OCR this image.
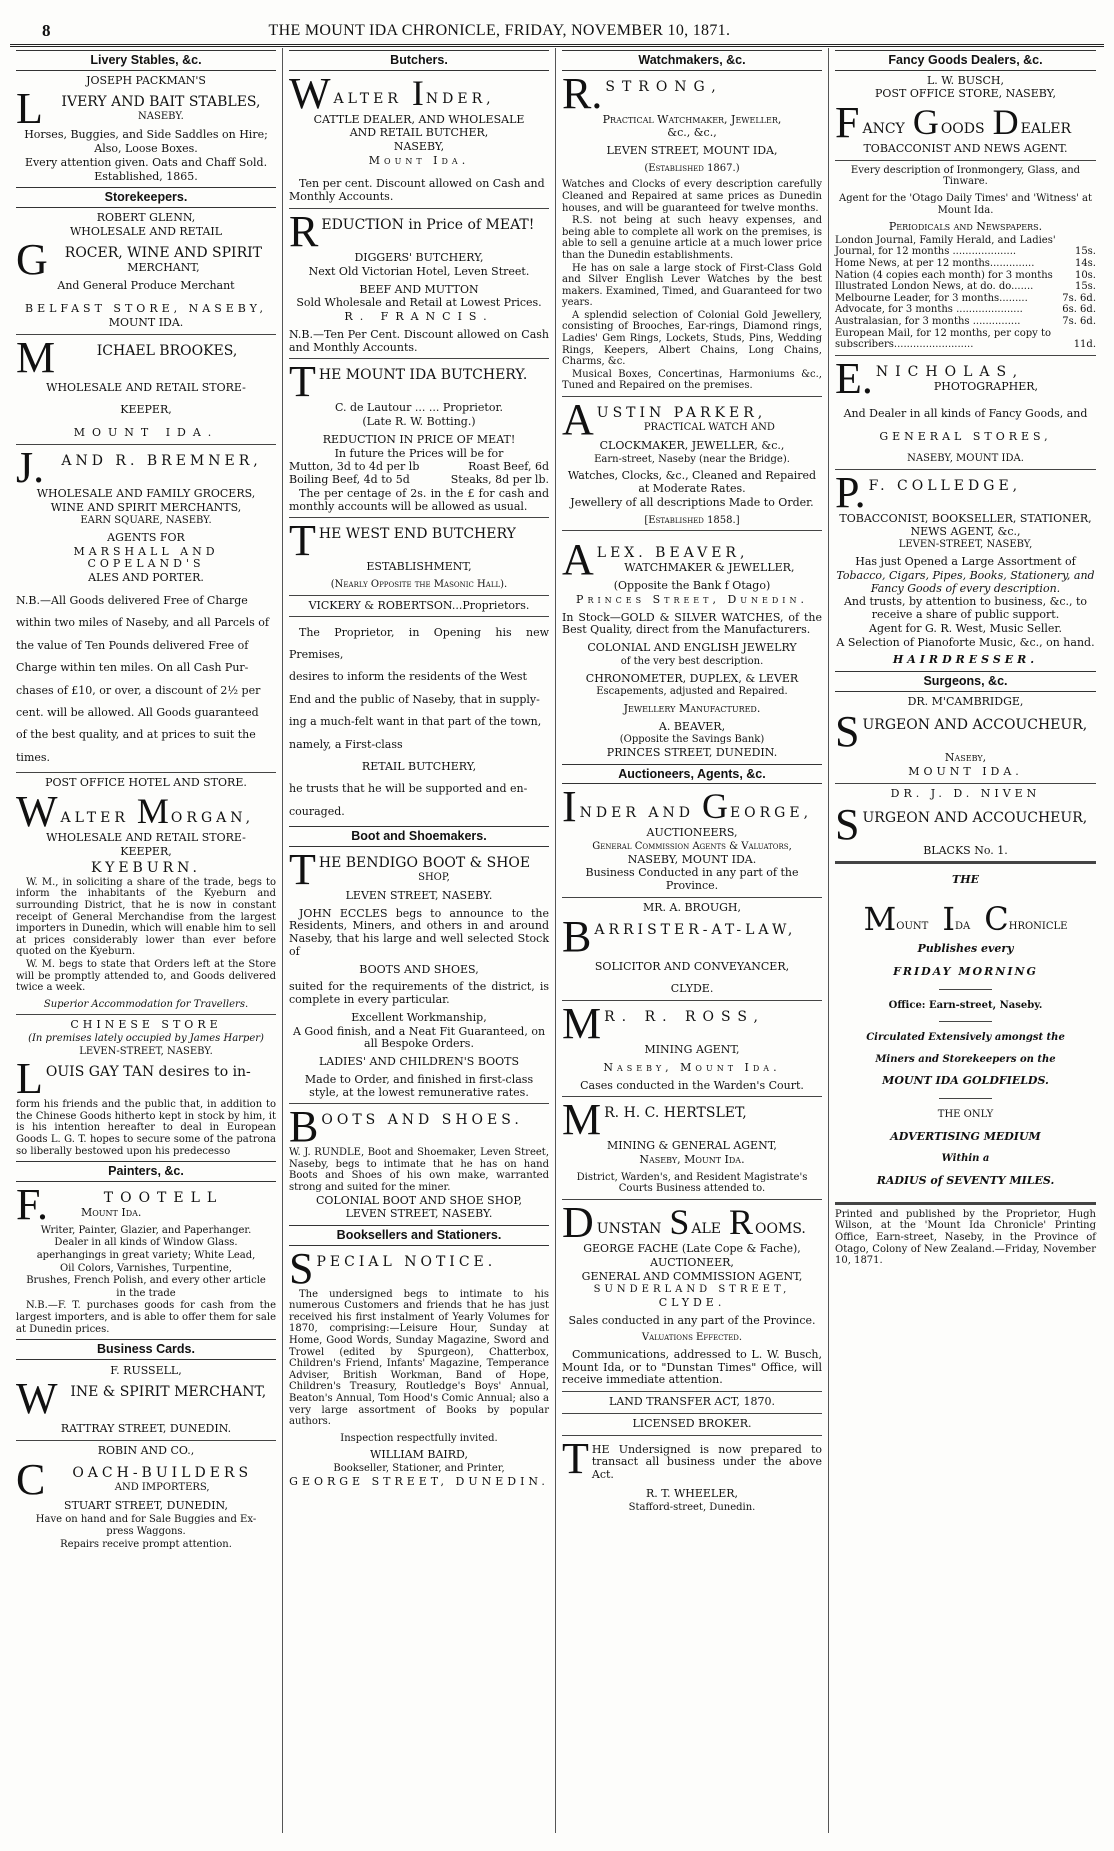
8	THE MOUNT IDA CHRONICLE, FRIDAY, NOVEMBER 10, 1871.
Livery Stables, &c.

JOSEPH PACKMAN'S

L	IVERY AND BAIT STABLES,

NASEBY.

Horses, Buggies, and Side Saddles on Hire;

Also, Loose Boxes.

Every attention given. Oats and Chaff Sold.

Established, 1865.

Storekeepers.

ROBERT GLENN,

WHOLESALE AND RETAIL

G	ROCER, WINE AND SPIRIT

MERCHANT,

And General Produce Merchant

BELFAST STORE, NASEBY,

MOUNT IDA.

M	ICHAEL BROOKES,

WHOLESALE AND RETAIL STORE-

KEEPER,

MOUNT IDA.

J.	AND R. BREMNER,

WHOLESALE AND FAMILY GROCERS,

WINE AND SPIRIT MERCHANTS,

EARN SQUARE, NASEBY.

AGENTS FOR

MARSHALL AND COPELAND'S

ALES AND PORTER.

N.B.—All Goods delivered Free of Charge

within two miles of Naseby, and all Parcels of

the value of Ten Pounds delivered Free of

Charge within ten miles. On all Cash Pur-

chases of £10, or over, a discount of 2½ per

cent. will be allowed. All Goods guaranteed

of the best quality, and at prices to suit the

times.

POST OFFICE HOTEL AND STORE.

W ALTER M ORGAN,

WHOLESALE AND RETAIL STORE-

KEEPER,

KYEBURN.

W. M., in soliciting a share of the trade, begs to inform the inhabitants of the Kyeburn and surrounding District, that he is now in constant receipt of General Merchandise from the largest importers in Dunedin, which will enable him to sell at prices considerably lower than ever before quoted on the Kyeburn.

W. M. begs to state that Orders left at the Store will be promptly attended to, and Goods delivered twice a week.

Superior Accommodation for Travellers.

CHINESE STORE

(In premises lately occupied by James Harper)

LEVEN-STREET, NASEBY.

L OUIS GAY TAN desires to in-

form his friends and the public that, in addition to the Chinese Goods hitherto kept in stock by him, it is his intention hereafter to deal in European Goods L. G. T. hopes to secure some of the patrona so liberally bestowed upon his predecesso

Painters, &c.
F.	TOOTELL

Mount Ida.

Writer, Painter, Glazier, and Paperhanger.

Dealer in all kinds of Window Glass.

aperhangings in great variety; White Lead,

Oil Colors, Varnishes, Turpentine,

Brushes, French Polish, and every other article

in the trade

N.B.—F. T. purchases goods for cash from the largest importers, and is able to offer them for sale at Dunedin prices.

Business Cards.

F. RUSSELL,

W INE & SPIRIT MERCHANT,

RATTRAY STREET, DUNEDIN.

ROBIN AND CO.,

C	OACH-BUILDERS

AND IMPORTERS,

STUART STREET, DUNEDIN,

Have on hand and for Sale Buggies and Ex-

press Waggons.

Repairs receive prompt attention.

Butchers.
W ALTER I NDER,

CATTLE DEALER, AND WHOLESALE

AND RETAIL BUTCHER,

NASEBY,

Mount Ida.

Ten per cent. Discount allowed on Cash and

Monthly Accounts.

R EDUCTION in Price of MEAT!

DIGGERS' BUTCHERY,

Next Old Victorian Hotel, Leven Street.

BEEF AND MUTTON

Sold Wholesale and Retail at Lowest Prices.

R. FRANCIS.

N.B.—Ten Per Cent. Discount allowed on Cash and Monthly Accounts.

T HE MOUNT IDA BUTCHERY.

C. de Lautour ... ... Proprietor.

(Late R. W. Botting.)

REDUCTION IN PRICE OF MEAT!

In future the Prices will be for

Mutton, 3d to 4d per lb	Roast Beef, 6d
Boiling Beef, 4d to 5d	Steaks, 8d per lb.

The per centage of 2s. in the £ for cash and monthly accounts will be allowed as usual.

T HE WEST END BUTCHERY

ESTABLISHMENT,

(Nearly Opposite the Masonic Hall).

VICKERY & ROBERTSON...Proprietors.

The Proprietor, in Opening his new Premises,

desires to inform the residents of the West

End and the public of Naseby, that in supply-

ing a much-felt want in that part of the town,

namely, a First-class

RETAIL BUTCHERY,

he trusts that he will be supported and en-

couraged.

Boot and Shoemakers.
T HE BENDIGO BOOT & SHOE

SHOP,

LEVEN STREET, NASEBY.

JOHN ECCLES begs to announce to the Residents, Miners, and others in and around Naseby, that his large and well selected Stock of

BOOTS AND SHOES,

suited for the requirements of the district, is complete in every particular.

Excellent Workmanship,

A Good finish, and a Neat Fit Guaranteed, on all Bespoke Orders.

LADIES' AND CHILDREN'S BOOTS

Made to Order, and finished in first-class style, at the lowest remunerative rates.

B OOTS AND SHOES.

W. J. RUNDLE, Boot and Shoemaker, Leven Street, Naseby, begs to intimate that he has on hand Boots and Shoes of his own make, warranted strong and suited for the miner.

COLONIAL BOOT AND SHOE SHOP,

LEVEN STREET, NASEBY.

Booksellers and Stationers.
S PECIAL NOTICE.

The undersigned begs to intimate to his numerous Customers and friends that he has just received his first instalment of Yearly Volumes for 1870, comprising:—Leisure Hour, Sunday at Home, Good Words, Sunday Magazine, Sword and Trowel (edited by Spurgeon), Chatterbox, Children's Friend, Infants' Magazine, Temperance Adviser, British Workman, Band of Hope, Children's Treasury, Routledge's Boys' Annual, Beaton's Annual, Tom Hood's Comic Annual; also a very large assortment of Books by popular authors.

Inspection respectfully invited.

WILLIAM BAIRD,

Bookseller, Stationer, and Printer,

GEORGE STREET, DUNEDIN.

Watchmakers, &c.
R. STRONG,

Practical Watchmaker, Jeweller,

&c., &c.,

LEVEN STREET, MOUNT IDA,

(Established 1867.)

Watches and Clocks of every description carefully Cleaned and Repaired at same prices as Dunedin houses, and will be guaranteed for twelve months.

R.S. not being at such heavy expenses, and being able to complete all work on the premises, is able to sell a genuine article at a much lower price than the Dunedin establishments.

He has on sale a large stock of First-Class Gold and Silver English Lever Watches by the best makers. Examined, Timed, and Guaranteed for two years.

A splendid selection of Colonial Gold Jewellery, consisting of Brooches, Ear-rings, Diamond rings, Ladies' Gem Rings, Lockets, Studs, Pins, Wedding Rings, Keepers, Albert Chains, Long Chains, Charms, &c.

Musical Boxes, Concertinas, Harmoniums &c., Tuned and Repaired on the premises.

A USTIN PARKER,

PRACTICAL WATCH AND

CLOCKMAKER, JEWELLER, &c.,

Earn-street, Naseby (near the Bridge).

Watches, Clocks, &c., Cleaned and Repaired at Moderate Rates.

Jewellery of all descriptions Made to Order.

[Established 1858.]

A LEX. BEAVER,

WATCHMAKER & JEWELLER,

(Opposite the Bank f Otago)

Princes Street, Dunedin.

In Stock—GOLD & SILVER WATCHES, of the Best Quality, direct from the Manufacturers.

COLONIAL AND ENGLISH JEWELRY

of the very best description.

CHRONOMETER, DUPLEX, & LEVER

Escapements, adjusted and Repaired.

Jewellery Manufactured.

A. BEAVER,

(Opposite the Savings Bank)

PRINCES STREET, DUNEDIN.

Auctioneers, Agents, &c.
I NDER AND G EORGE,

AUCTIONEERS,

General Commission Agents & Valuators,

NASEBY, MOUNT IDA.

Business Conducted in any part of the Province.

MR. A. BROUGH,

B ARRISTER-AT-LAW,

SOLICITOR AND CONVEYANCER,

CLYDE.

M R. R. ROSS,

MINING AGENT,

Naseby, Mount Ida.

Cases conducted in the Warden's Court.

M R. H. C. HERTSLET,

MINING & GENERAL AGENT,

Naseby, Mount Ida.

District, Warden's, and Resident Magistrate's Courts Business attended to.

D UNSTAN S ALE R OOMS.

GEORGE FACHE (Late Cope & Fache),

AUCTIONEER,

GENERAL AND COMMISSION AGENT,

SUNDERLAND STREET,

CLYDE.

Sales conducted in any part of the Province.

Valuations Effected.

Communications, addressed to L. W. Busch, Mount Ida, or to "Dunstan Times" Office, will receive immediate attention.

LAND TRANSFER ACT, 1870.

LICENSED BROKER.

T HE Undersigned is now prepared to transact all business under the above Act.

R. T. WHEELER,

Stafford-street, Dunedin.

Fancy Goods Dealers, &c.

L. W. BUSCH,

POST OFFICE STORE, NASEBY,

F ANCY G OODS D EALER

TOBACCONIST AND NEWS AGENT.

Every description of Ironmongery, Glass, and Tinware.

Agent for the 'Otago Daily Times' and 'Witness' at Mount Ida.

Periodicals and Newspapers.

London Journal, Family Herald, and Ladies' Journal, for 12 months ....................	15s.
Home News, at per 12 months..............	14s.
Nation (4 copies each month) for 3 months	10s.
Illustrated London News, at do. do.......	15s.
Melbourne Leader, for 3 months.........	7s. 6d.
Advocate, for 3 months .....................	6s. 6d.
Australasian, for 3 months ...............	7s. 6d.
European Mail, for 12 months, per copy to subscribers.........................	11d.
E. NICHOLAS,

PHOTOGRAPHER,

And Dealer in all kinds of Fancy Goods, and

GENERAL STORES,

NASEBY, MOUNT IDA.

P. F. COLLEDGE,

TOBACCONIST, BOOKSELLER, STATIONER, NEWS AGENT, &c.,

LEVEN-STREET, NASEBY,

Has just Opened a Large Assortment of

Tobacco, Cigars, Pipes, Books, Stationery, and Fancy Goods of every description.

And trusts, by attention to business, &c., to receive a share of public support.

Agent for G. R. West, Music Seller.

A Selection of Pianoforte Music, &c., on hand.

HAIRDRESSER.

Surgeons, &c.

DR. M'CAMBRIDGE,

S URGEON AND ACCOUCHEUR,

Naseby,

MOUNT IDA.

DR. J. D. NIVEN

S URGEON AND ACCOUCHEUR,

BLACKS No. 1.

THE

M OUNT I DA C HRONICLE

Publishes every

FRIDAY MORNING

Office: Earn-street, Naseby.

Circulated Extensively amongst the

Miners and Storekeepers on the

MOUNT IDA GOLDFIELDS.

THE ONLY

ADVERTISING MEDIUM

Within a

RADIUS of SEVENTY MILES.

Printed and published by the Proprietor, Hugh Wilson, at the 'Mount Ida Chronicle' Printing Office, Earn-street, Naseby, in the Province of Otago, Colony of New Zealand.—Friday, November 10, 1871.
